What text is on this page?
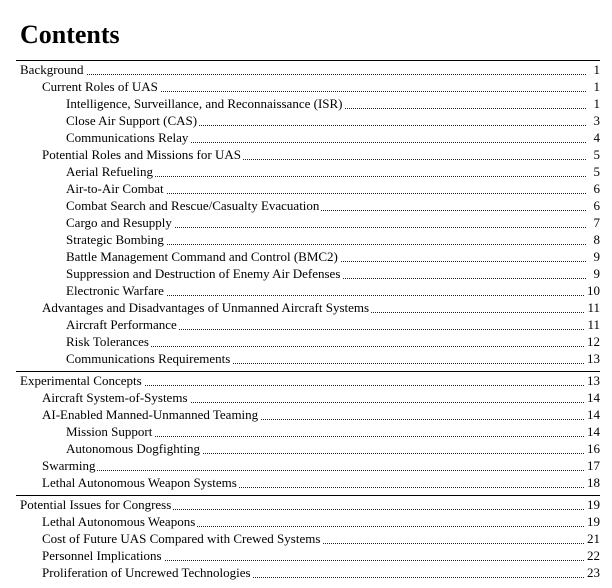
Contents
Background	1
Current Roles of UAS	1
Intelligence, Surveillance, and Reconnaissance (ISR)	1
Close Air Support (CAS)	3
Communications Relay	4
Potential Roles and Missions for UAS	5
Aerial Refueling	5
Air-to-Air Combat	6
Combat Search and Rescue/Casualty Evacuation	6
Cargo and Resupply	7
Strategic Bombing	8
Battle Management Command and Control (BMC2)	9
Suppression and Destruction of Enemy Air Defenses	9
Electronic Warfare	10
Advantages and Disadvantages of Unmanned Aircraft Systems	11
Aircraft Performance	11
Risk Tolerances	12
Communications Requirements	13
Experimental Concepts	13
Aircraft System-of-Systems	14
AI-Enabled Manned-Unmanned Teaming	14
Mission Support	14
Autonomous Dogfighting	16
Swarming	17
Lethal Autonomous Weapon Systems	18
Potential Issues for Congress	19
Lethal Autonomous Weapons	19
Cost of Future UAS Compared with Crewed Systems	21
Personnel Implications	22
Proliferation of Uncrewed Technologies	23
